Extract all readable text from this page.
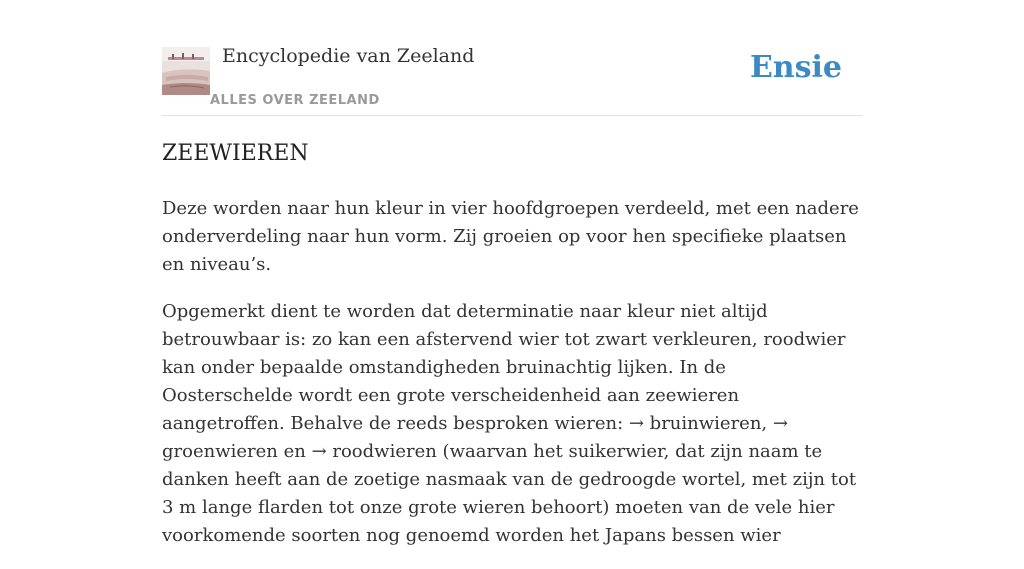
Encyclopedie van Zeeland
ALLES OVER ZEELAND
Ensie
ZEEWIEREN

Deze worden naar hun kleur in vier hoofdgroepen verdeeld, met een nadere onderverdeling naar hun vorm. Zij groeien op voor hen specifieke plaatsen en niveau’s.

Opgemerkt dient te worden dat determinatie naar kleur niet altijd betrouwbaar is: zo kan een afstervend wier tot zwart verkleuren, roodwier kan onder bepaalde omstandigheden bruinachtig lijken. In de Oosterschelde wordt een grote verscheidenheid aan zeewieren aangetroffen. Behalve de reeds besproken wieren: → bruinwieren, → groenwieren en → roodwieren (waarvan het suikerwier, dat zijn naam te danken heeft aan de zoetige nasmaak van de gedroogde wortel, met zijn tot 3 m lange flarden tot onze grote wieren behoort) moeten van de vele hier voorkomende soorten nog genoemd worden het Japans bessen wier
